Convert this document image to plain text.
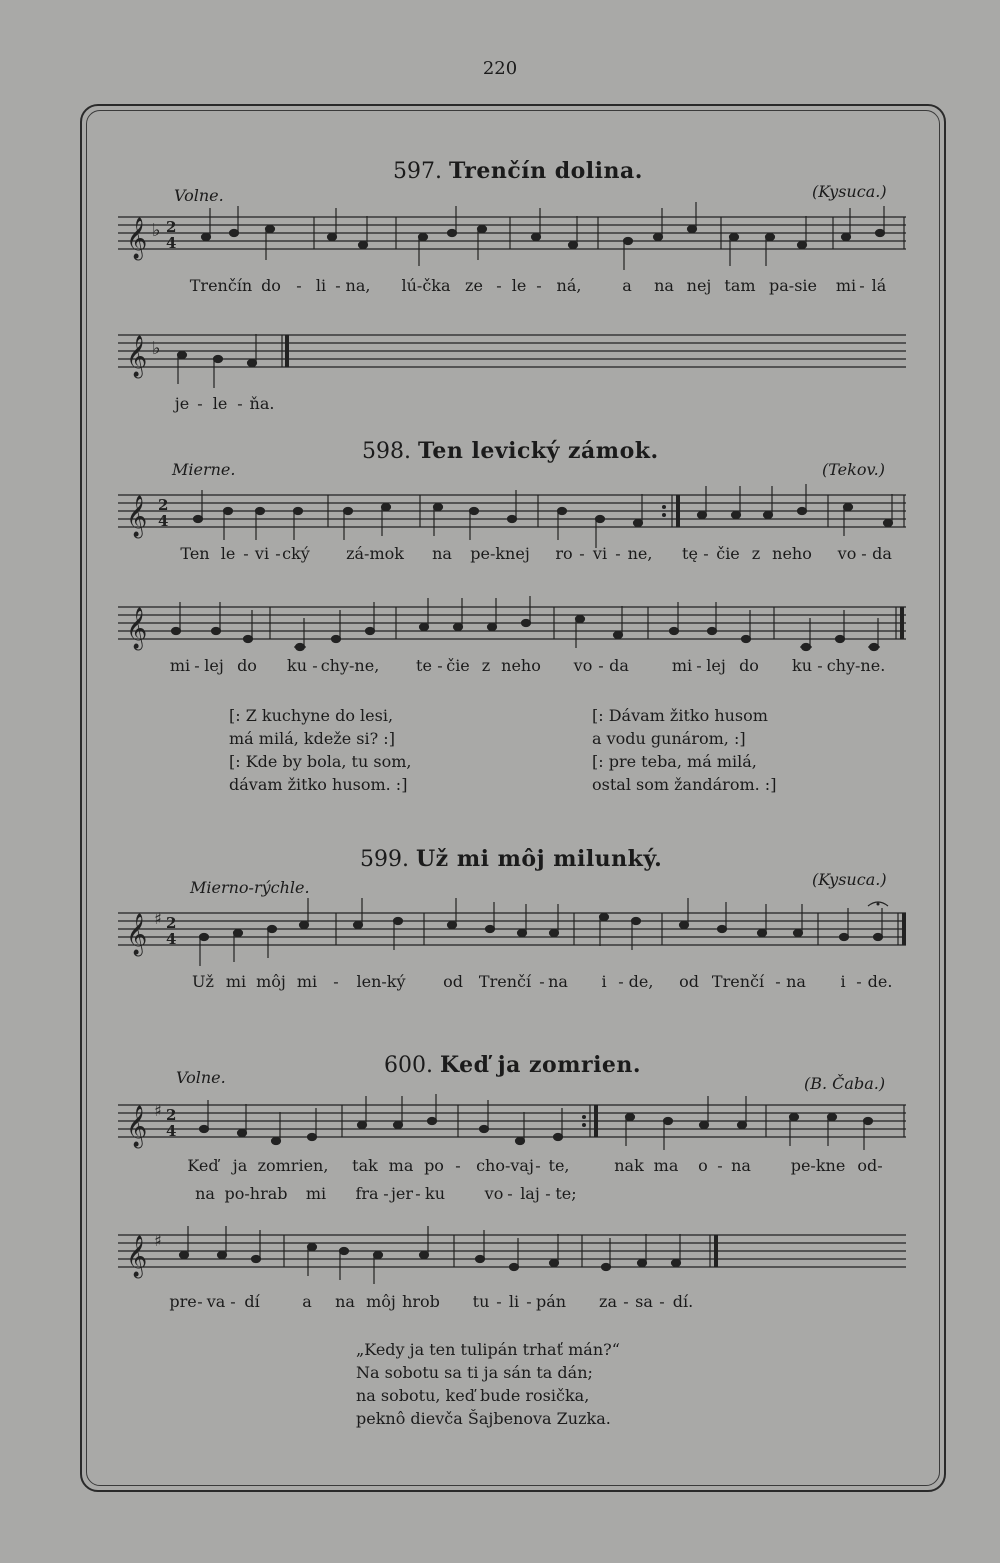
220
597. Trenčín dolina.
Volne.	(Kysuca.)
𝄞 ♭ 2
4
Trenčín do - li - na, lú-čka ze - le - ná,	a na nej tam pa-sie mi - lá
𝄞 ♭
je - le - ňa.
598. Ten levický zámok.
Mierne.	(Tekov.)
𝄞 2
4
Ten le - vi - cký zá-mok na pe-knej ro - vi - ne, tę - čie z neho vo - da
𝄞
mi - lej do ku - chy-ne, te - čie z neho vo - da	mi - lej do ku - chy-ne.
[: Z kuchyne do lesi,
má milá, kdeže si? :]
[: Kde by bola, tu som,
dávam žitko husom. :]
[: Dávam žitko husom
a vodu gunárom, :]
[: pre teba, má milá,
ostal som žandárom. :]
599. Už mi môj milunký.
Mierno-rýchle.	(Kysuca.)
𝄞 ♯ 2
4
Už mi môj mi - len-ký od Trenčí - na i - de, od Trenčí - na i - de.
600. Keď ja zomrien.
Volne.	(B. Čaba.)
𝄞 ♯ 2
4
Keď ja zomrien, tak ma po - cho-vaj - te,	nak ma o - na pe-kne od-
na po-hrab mi fra - jer - ku vo - laj - te;
𝄞 ♯
pre - va - dí	a na môj hrob tu - li - pán za - sa - dí.
„Kedy ja ten tulipán trhať mán?“
Na sobotu sa ti ja sán ta dán;
na sobotu, keď bude rosička,
peknô dievča Šajbenova Zuzka.
